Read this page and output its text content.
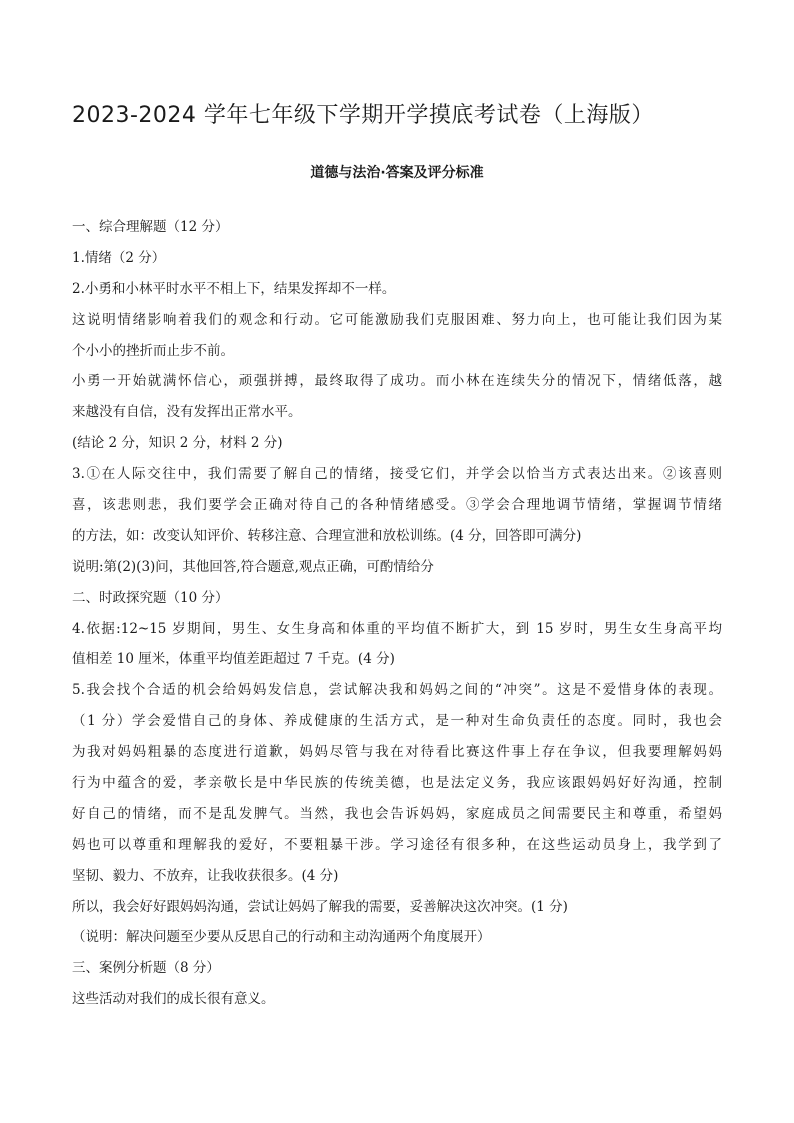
2023-2024 学年七年级下学期开学摸底考试卷（上海版）
道德与法治·答案及评分标准
一、综合理解题（12 分）
1.情绪（2 分）
2.小勇和小林平时水平不相上下，结果发挥却不一样。
这说明情绪影响着我们的观念和行动。它可能激励我们克服困难、努力向上，也可能让我们因为某
个小小的挫折而止步不前。
小勇一开始就满怀信心，顽强拼搏，最终取得了成功。而小林在连续失分的情况下，情绪低落，越
来越没有自信，没有发挥出正常水平。
(结论 2 分，知识 2 分，材料 2 分)
3.①在人际交往中，我们需要了解自己的情绪，接受它们，并学会以恰当方式表达出来。②该喜则
喜，该悲则悲，我们要学会正确对待自己的各种情绪感受。③学会合理地调节情绪，掌握调节情绪
的方法，如：改变认知评价、转移注意、合理宣泄和放松训练。(4 分，回答即可满分)
说明:第(2)(3)问，其他回答,符合题意,观点正确，可酌情给分
二、时政探究题（10 分）
4.依据:12~15 岁期间，男生、女生身高和体重的平均值不断扩大，到 15 岁时，男生女生身高平均
值相差 10 厘米，体重平均值差距超过 7 千克。(4 分)
5.我会找个合适的机会给妈妈发信息，尝试解决我和妈妈之间的“冲突”。这是不爱惜身体的表现。
（1 分）学会爱惜自己的身体、养成健康的生活方式，是一种对生命负责任的态度。同时，我也会
为我对妈妈粗暴的态度进行道歉，妈妈尽管与我在对待看比赛这件事上存在争议，但我要理解妈妈
行为中蕴含的爱，孝亲敬长是中华民族的传统美德，也是法定义务，我应该跟妈妈好好沟通，控制
好自己的情绪，而不是乱发脾气。当然，我也会告诉妈妈，家庭成员之间需要民主和尊重，希望妈
妈也可以尊重和理解我的爱好，不要粗暴干涉。学习途径有很多种，在这些运动员身上，我学到了
坚韧、毅力、不放弃，让我收获很多。(4 分)
所以，我会好好跟妈妈沟通，尝试让妈妈了解我的需要，妥善解决这次冲突。(1 分)
（说明：解决问题至少要从反思自己的行动和主动沟通两个角度展开）
三、案例分析题（8 分）
这些活动对我们的成长很有意义。
